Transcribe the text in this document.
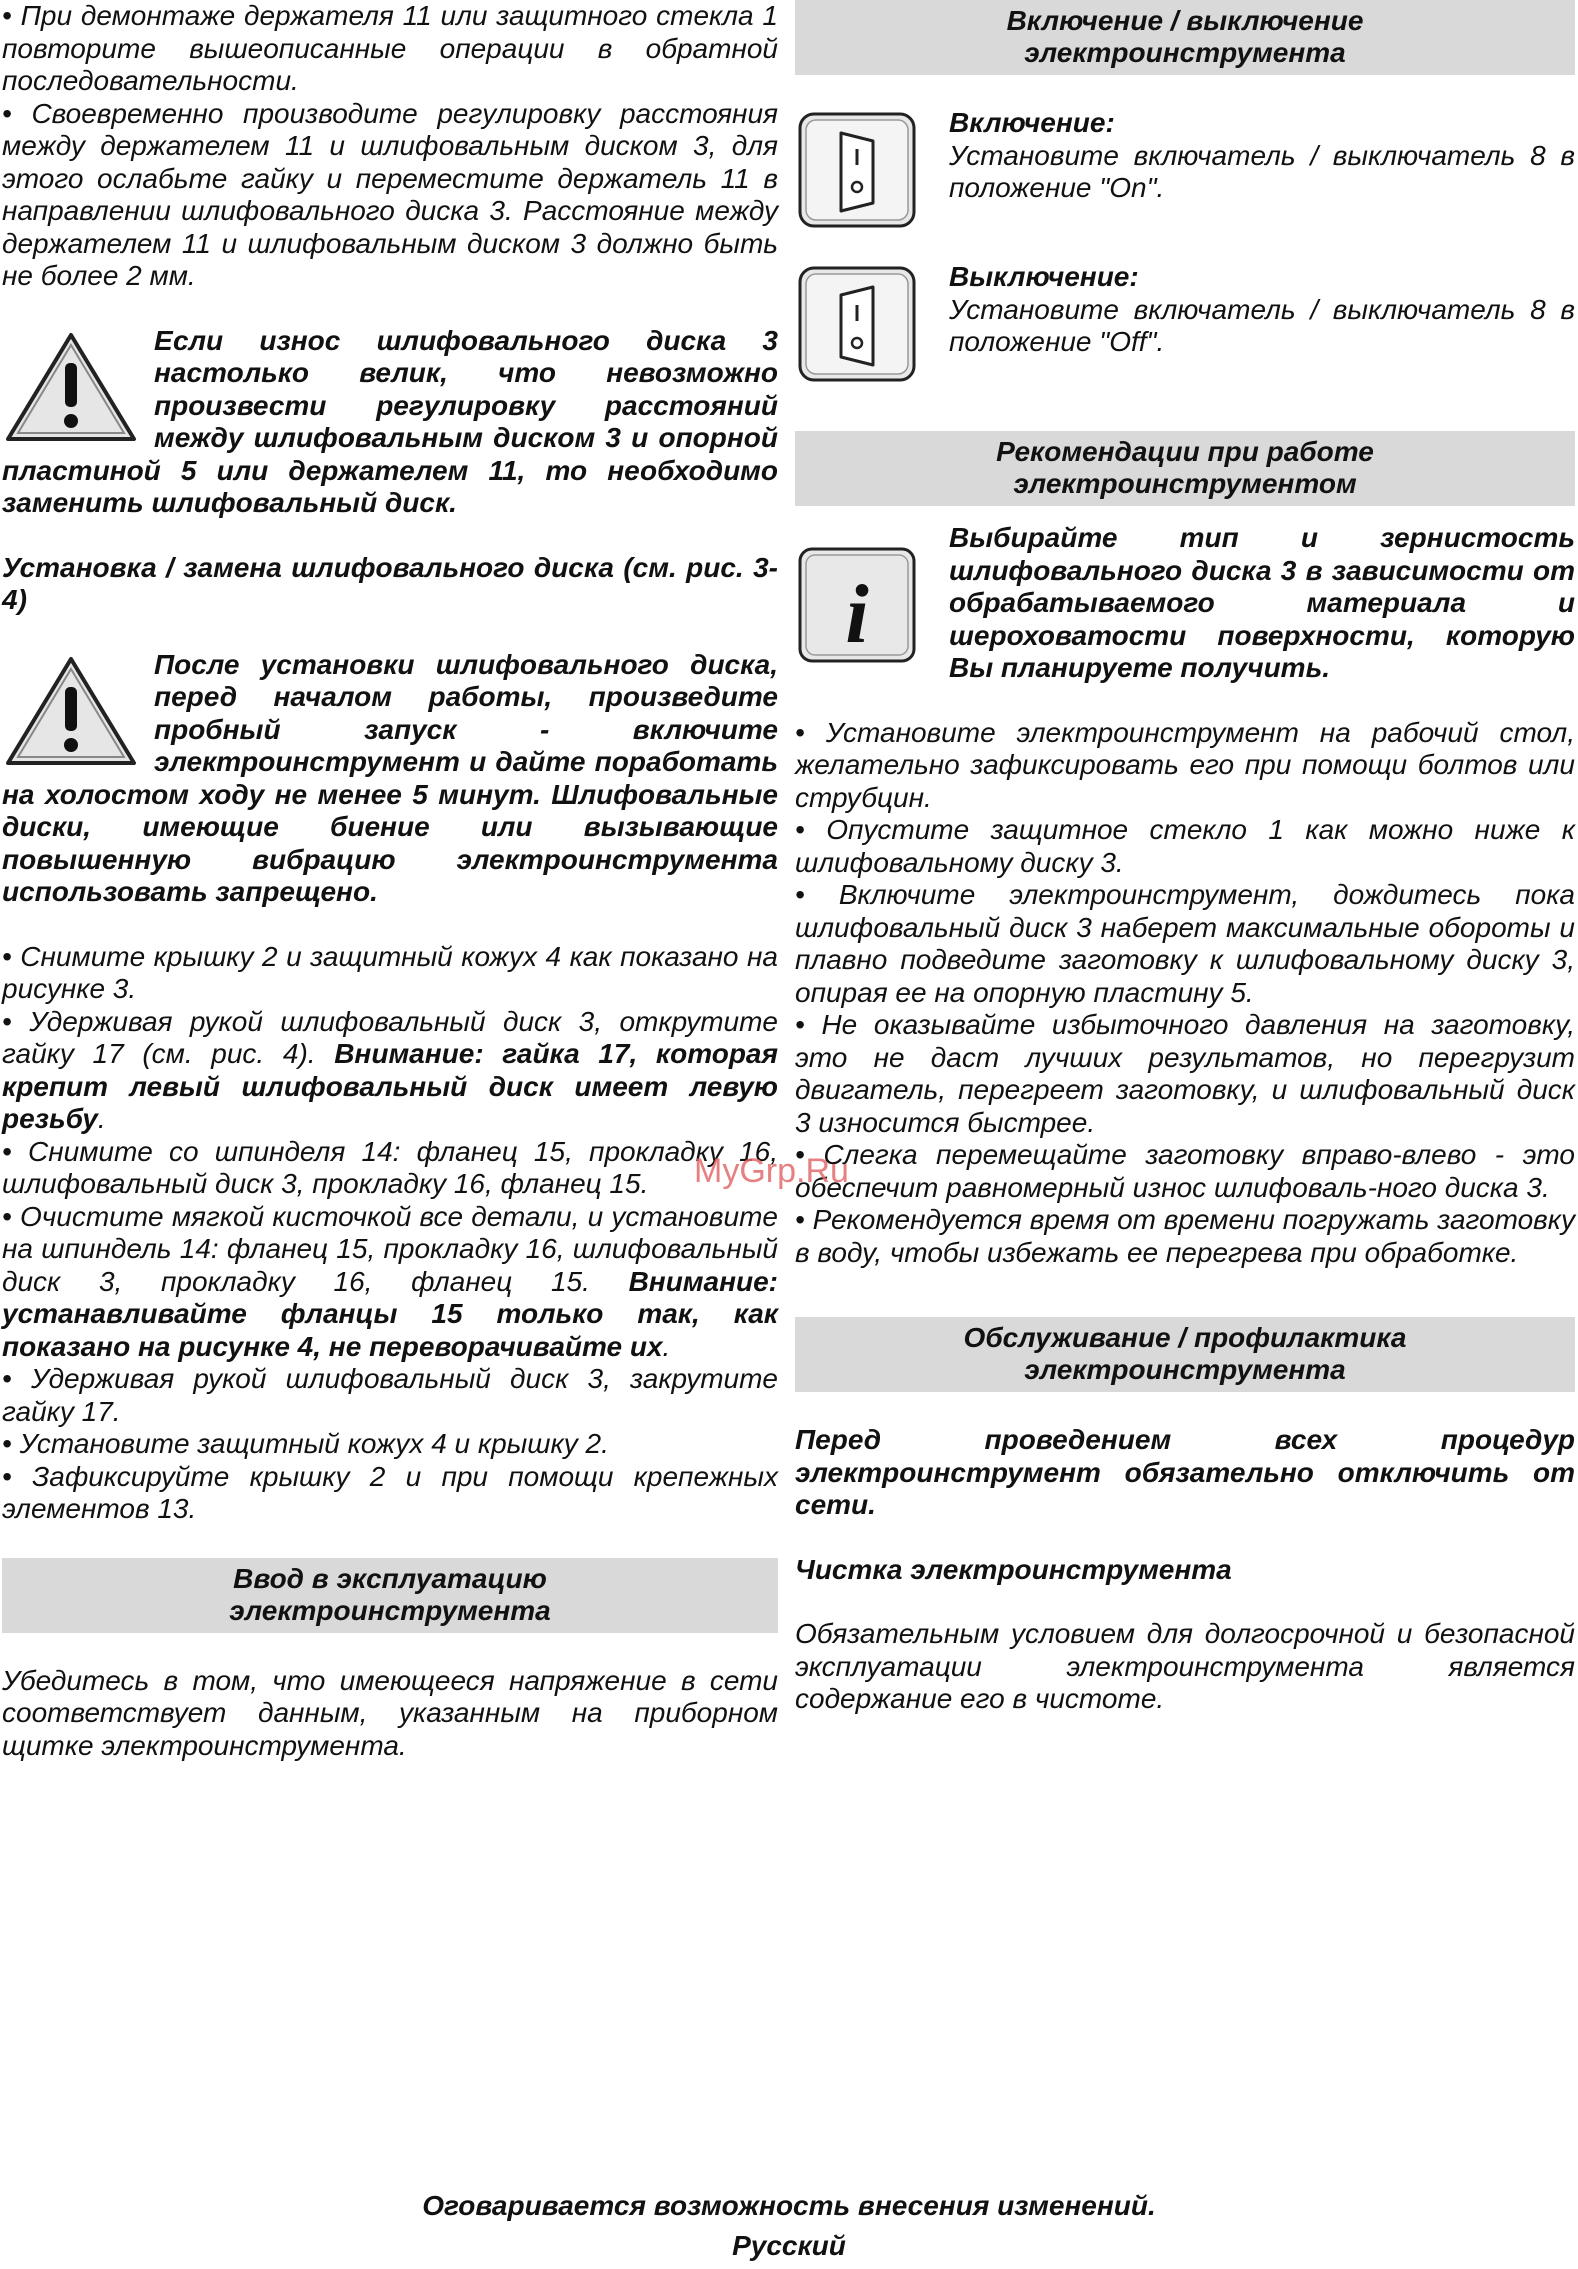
• При демонтаже держателя 11 или защитного стекла 1 повторите вышеописанные операции в обратной последовательности.

• Своевременно производите регулировку расстояния между держателем 11 и шлифовальным диском 3, для этого ослабьте гайку и переместите держатель 11 в направлении шлифовального диска 3. Расстояние между держателем 11 и шлифовальным диском 3 должно быть не более 2 мм.

Если износ шлифовального диска 3 настолько велик, что невозможно произвести регулировку расстояний между шлифовальным диском 3 и опорной пластиной 5 или держателем 11, то необходимо заменить шлифовальный диск.

Установка / замена шлифовального диска (см. рис. 3-4)

После установки шлифовального диска, перед началом работы, произведите пробный запуск - включите электроинструмент и дайте поработать на холостом ходу не менее 5 минут. Шлифовальные диски, имеющие биение или вызывающие повышенную вибрацию электроинструмента использовать запрещено.

• Снимите крышку 2 и защитный кожух 4 как показано на рисунке 3.

• Удерживая рукой шлифовальный диск 3, открутите гайку 17 (см. рис. 4). Внимание: гайка 17, которая крепит левый шлифовальный диск имеет левую резьбу.

• Снимите со шпинделя 14: фланец 15, прокладку 16, шлифовальный диск 3, прокладку 16, фланец 15.

• Очистите мягкой кисточкой все детали, и установите на шпиндель 14: фланец 15, прокладку 16, шлифовальный диск 3, прокладку 16, фланец 15. Внимание: устанавливайте фланцы 15 только так, как показано на рисунке 4, не переворачивайте их.

• Удерживая рукой шлифовальный диск 3, закрутите гайку 17.

• Установите защитный кожух 4 и крышку 2.

• Зафиксируйте крышку 2 и при помощи крепежных элементов 13.

Ввод в эксплуатацию
электроинструмента

Убедитесь в том, что имеющееся напряжение в сети соответствует данным, указанным на приборном щитке электроинструмента.

Включение / выключение
электроинструмента

Включение:

Установите включатель / выключатель 8 в положение "On".

Выключение:

Установите включатель / выключатель 8 в положение "Off".

Рекомендации при работе
электроинструментом
i

Выбирайте тип и зернистость шлифовального диска 3 в зависимости от обрабатываемого материала и шероховатости поверхности, которую Вы планируете получить.

• Установите электроинструмент на рабочий стол, желательно зафиксировать его при помощи болтов или струбцин.

• Опустите защитное стекло 1 как можно ниже к шлифовальному диску 3.

• Включите электроинструмент, дождитесь пока шлифовальный диск 3 наберет максимальные обороты и плавно подведите заготовку к шлифовальному диску 3, опирая ее на опорную пластину 5.

• Не оказывайте избыточного давления на заготовку, это не даст лучших результатов, но перегрузит двигатель, перегреет заготовку, и шлифовальный диск 3 износится быстрее.

• Слегка перемещайте заготовку вправо-влево - это обеспечит равномерный износ шлифоваль-ного диска 3.

• Рекомендуется время от времени погружать заготовку в воду, чтобы избежать ее перегрева при обработке.

Обслуживание / профилактика
электроинструмента

Перед проведением всех процедур электроинструмент обязательно отключить от сети.

Чистка электроинструмента

Обязательным условием для долгосрочной и безопасной эксплуатации электроинструмента является содержание его в чистоте.

MyGrp.Ru
Оговаривается возможность внесения изменений.
Русский
